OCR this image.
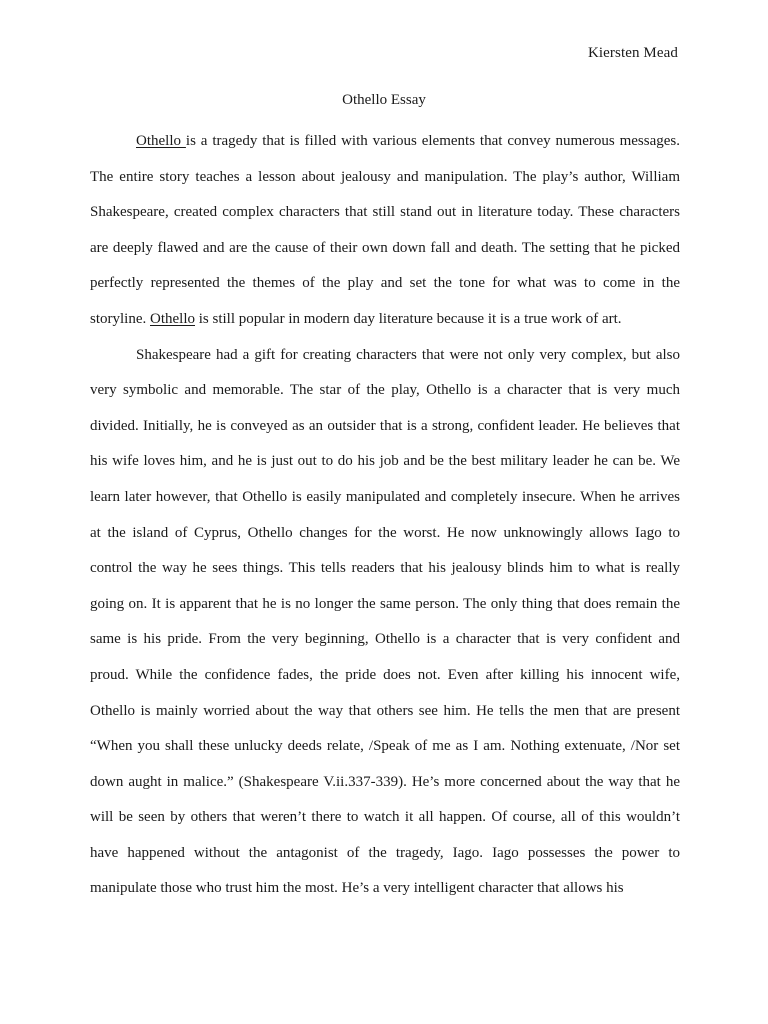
Kiersten Mead
Othello Essay

Othello is a tragedy that is filled with various elements that convey numerous messages. The entire story teaches a lesson about jealousy and manipulation. The play’s author, William Shakespeare, created complex characters that still stand out in literature today. These characters are deeply flawed and are the cause of their own down fall and death. The setting that he picked perfectly represented the themes of the play and set the tone for what was to come in the storyline. Othello is still popular in modern day literature because it is a true work of art.

Shakespeare had a gift for creating characters that were not only very complex, but also very symbolic and memorable. The star of the play, Othello is a character that is very much divided. Initially, he is conveyed as an outsider that is a strong, confident leader. He believes that his wife loves him, and he is just out to do his job and be the best military leader he can be. We learn later however, that Othello is easily manipulated and completely insecure. When he arrives at the island of Cyprus, Othello changes for the worst. He now unknowingly allows Iago to control the way he sees things. This tells readers that his jealousy blinds him to what is really going on. It is apparent that he is no longer the same person. The only thing that does remain the same is his pride. From the very beginning, Othello is a character that is very confident and proud. While the confidence fades, the pride does not. Even after killing his innocent wife, Othello is mainly worried about the way that others see him. He tells the men that are present “When you shall these unlucky deeds relate, /Speak of me as I am. Nothing extenuate, /Nor set down aught in malice.” (Shakespeare V.ii.337-339). He’s more concerned about the way that he will be seen by others that weren’t there to watch it all happen. Of course, all of this wouldn’t have happened without the antagonist of the tragedy, Iago. Iago possesses the power to manipulate those who trust him the most. He’s a very intelligent character that allows his
